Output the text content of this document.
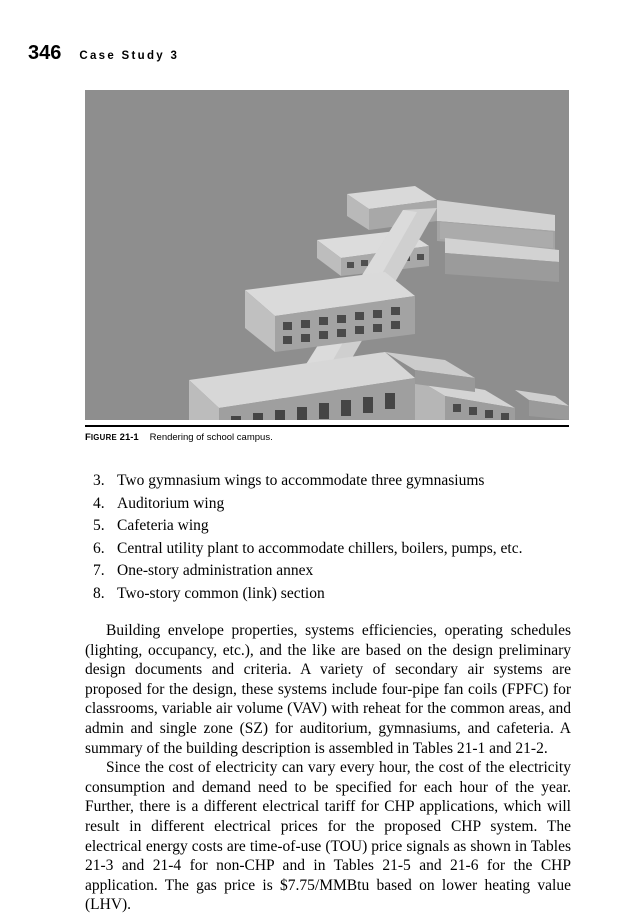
346 Case Study 3
FIGURE 21-1 Rendering of school campus.
3. Two gymnasium wings to accommodate three gymnasiums
4. Auditorium wing
5. Cafeteria wing
6. Central utility plant to accommodate chillers, boilers, pumps, etc.
7. One-story administration annex
8. Two-story common (link) section

Building envelope properties, systems efficiencies, operating schedules (lighting, occupancy, etc.), and the like are based on the design preliminary design documents and criteria. A variety of secondary air systems are proposed for the design, these systems include four-pipe fan coils (FPFC) for classrooms, variable air volume (VAV) with reheat for the common areas, and admin and single zone (SZ) for auditorium, gymnasiums, and cafeteria. A summary of the building description is assembled in Tables 21-1 and 21-2.

Since the cost of electricity can vary every hour, the cost of the electricity consumption and demand need to be specified for each hour of the year. Further, there is a different electrical tariff for CHP applications, which will result in different electrical prices for the proposed CHP system. The electrical energy costs are time-of-use (TOU) price signals as shown in Tables 21-3 and 21-4 for non-CHP and in Tables 21-5 and 21-6 for the CHP application. The gas price is $7.75/MMBtu based on lower heating value (LHV).
